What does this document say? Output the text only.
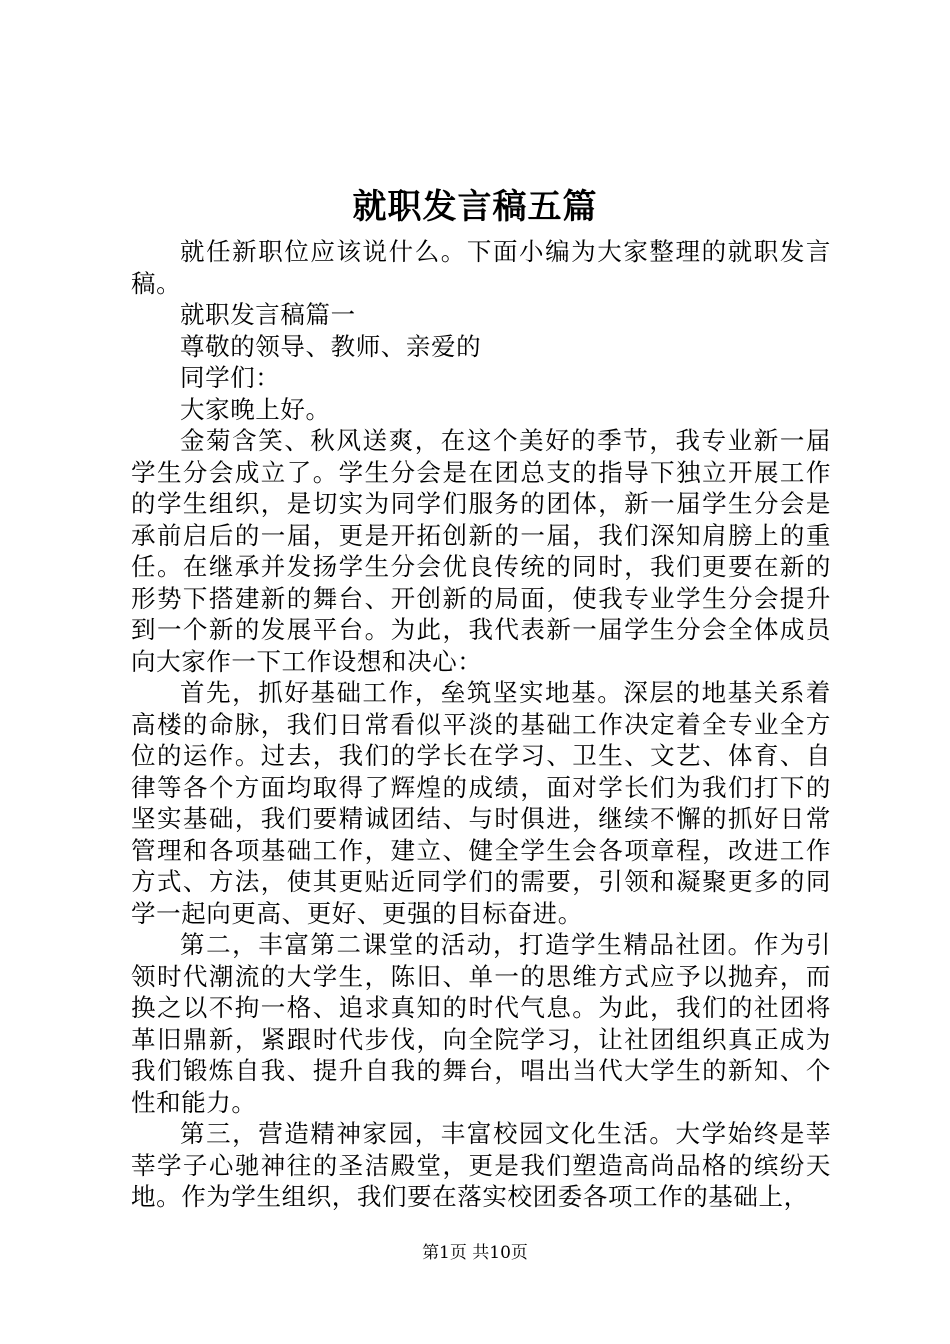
就职发言稿五篇

就任新职位应该说什么。下面小编为大家整理的就职发言稿。

就职发言稿篇一

尊敬的领导、教师、亲爱的

同学们：

大家晚上好。

金菊含笑、秋风送爽，在这个美好的季节，我专业新一届学生分会成立了。学生分会是在团总支的指导下独立开展工作的学生组织，是切实为同学们服务的团体，新一届学生分会是承前启后的一届，更是开拓创新的一届，我们深知肩膀上的重任。在继承并发扬学生分会优良传统的同时，我们更要在新的形势下搭建新的舞台、开创新的局面，使我专业学生分会提升到一个新的发展平台。为此，我代表新一届学生分会全体成员向大家作一下工作设想和决心：

首先，抓好基础工作，垒筑坚实地基。深层的地基关系着高楼的命脉，我们日常看似平淡的基础工作决定着全专业全方位的运作。过去，我们的学长在学习、卫生、文艺、体育、自律等各个方面均取得了辉煌的成绩，面对学长们为我们打下的坚实基础，我们要精诚团结、与时俱进，继续不懈的抓好日常管理和各项基础工作，建立、健全学生会各项章程，改进工作方式、方法，使其更贴近同学们的需要，引领和凝聚更多的同学一起向更高、更好、更强的目标奋进。

第二，丰富第二课堂的活动，打造学生精品社团。作为引领时代潮流的大学生，陈旧、单一的思维方式应予以抛弃，而换之以不拘一格、追求真知的时代气息。为此，我们的社团将革旧鼎新，紧跟时代步伐，向全院学习，让社团组织真正成为我们锻炼自我、提升自我的舞台，唱出当代大学生的新知、个性和能力。

第三，营造精神家园，丰富校园文化生活。大学始终是莘莘学子心驰神往的圣洁殿堂，更是我们塑造高尚品格的缤纷天地。作为学生组织，我们要在落实校团委各项工作的基础上，

第1页 共10页
